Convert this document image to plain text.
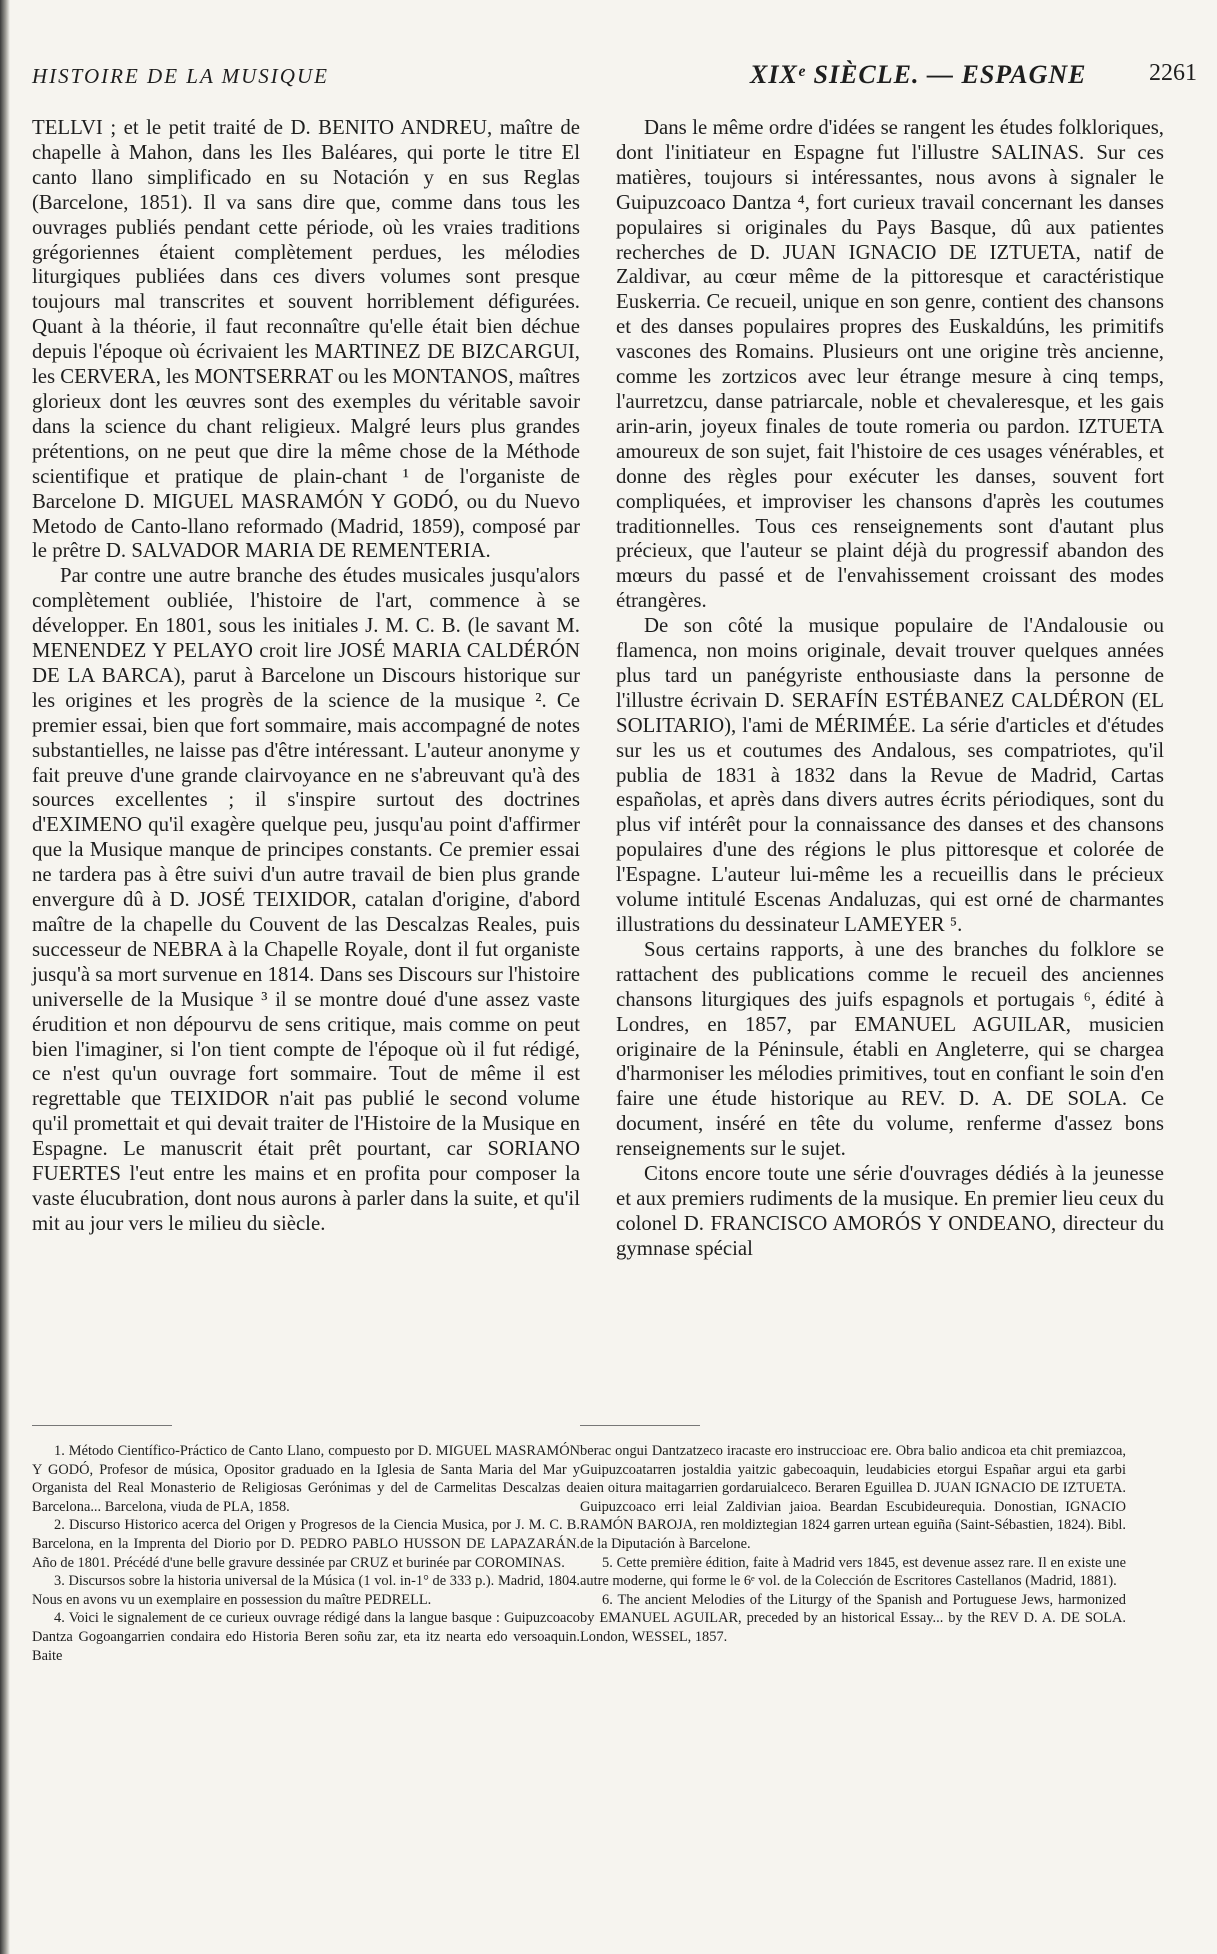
HISTOIRE DE LA MUSIQUE	XIXᵉ SIÈCLE. — ESPAGNE	2261

TELLVI ; et le petit traité de D. BENITO ANDREU, maître de chapelle à Mahon, dans les Iles Baléares, qui porte le titre El canto llano simplificado en su Notación y en sus Reglas (Barcelone, 1851). Il va sans dire que, comme dans tous les ouvrages publiés pendant cette période, où les vraies traditions grégoriennes étaient complètement perdues, les mélodies liturgiques publiées dans ces divers volumes sont presque toujours mal transcrites et souvent horriblement défigurées. Quant à la théorie, il faut reconnaître qu'elle était bien déchue depuis l'époque où écrivaient les MARTINEZ DE BIZCARGUI, les CERVERA, les MONTSERRAT ou les MONTANOS, maîtres glorieux dont les œuvres sont des exemples du véritable savoir dans la science du chant religieux. Malgré leurs plus grandes prétentions, on ne peut que dire la même chose de la Méthode scientifique et pratique de plain-chant ¹ de l'organiste de Barcelone D. MIGUEL MASRAMÓN Y GODÓ, ou du Nuevo Metodo de Canto-llano reformado (Madrid, 1859), composé par le prêtre D. SALVADOR MARIA DE REMENTERIA.

Par contre une autre branche des études musicales jusqu'alors complètement oubliée, l'histoire de l'art, commence à se développer. En 1801, sous les initiales J. M. C. B. (le savant M. MENENDEZ Y PELAYO croit lire JOSÉ MARIA CALDÉRÓN DE LA BARCA), parut à Barcelone un Discours historique sur les origines et les progrès de la science de la musique ². Ce premier essai, bien que fort sommaire, mais accompagné de notes substantielles, ne laisse pas d'être intéressant. L'auteur anonyme y fait preuve d'une grande clairvoyance en ne s'abreuvant qu'à des sources excellentes ; il s'inspire surtout des doctrines d'EXIMENO qu'il exagère quelque peu, jusqu'au point d'affirmer que la Musique manque de principes constants. Ce premier essai ne tardera pas à être suivi d'un autre travail de bien plus grande envergure dû à D. JOSÉ TEIXIDOR, catalan d'origine, d'abord maître de la chapelle du Couvent de las Descalzas Reales, puis successeur de NEBRA à la Chapelle Royale, dont il fut organiste jusqu'à sa mort survenue en 1814. Dans ses Discours sur l'histoire universelle de la Musique ³ il se montre doué d'une assez vaste érudition et non dépourvu de sens critique, mais comme on peut bien l'imaginer, si l'on tient compte de l'époque où il fut rédigé, ce n'est qu'un ouvrage fort sommaire. Tout de même il est regrettable que TEIXIDOR n'ait pas publié le second volume qu'il promettait et qui devait traiter de l'Histoire de la Musique en Espagne. Le manuscrit était prêt pourtant, car SORIANO FUERTES l'eut entre les mains et en profita pour composer la vaste élucubration, dont nous aurons à parler dans la suite, et qu'il mit au jour vers le milieu du siècle.

Dans le même ordre d'idées se rangent les études folkloriques, dont l'initiateur en Espagne fut l'illustre SALINAS. Sur ces matières, toujours si intéressantes, nous avons à signaler le Guipuzcoaco Dantza ⁴, fort curieux travail concernant les danses populaires si originales du Pays Basque, dû aux patientes recherches de D. JUAN IGNACIO DE IZTUETA, natif de Zaldivar, au cœur même de la pittoresque et caractéristique Euskerria. Ce recueil, unique en son genre, contient des chansons et des danses populaires propres des Euskaldúns, les primitifs vascones des Romains. Plusieurs ont une origine très ancienne, comme les zortzicos avec leur étrange mesure à cinq temps, l'aurretzcu, danse patriarcale, noble et chevaleresque, et les gais arin-arin, joyeux finales de toute romeria ou pardon. IZTUETA amoureux de son sujet, fait l'histoire de ces usages vénérables, et donne des règles pour exécuter les danses, souvent fort compliquées, et improviser les chansons d'après les coutumes traditionnelles. Tous ces renseignements sont d'autant plus précieux, que l'auteur se plaint déjà du progressif abandon des mœurs du passé et de l'envahissement croissant des modes étrangères.

De son côté la musique populaire de l'Andalousie ou flamenca, non moins originale, devait trouver quelques années plus tard un panégyriste enthousiaste dans la personne de l'illustre écrivain D. SERAFÍN ESTÉBANEZ CALDÉRON (EL SOLITARIO), l'ami de MÉRIMÉE. La série d'articles et d'études sur les us et coutumes des Andalous, ses compatriotes, qu'il publia de 1831 à 1832 dans la Revue de Madrid, Cartas españolas, et après dans divers autres écrits périodiques, sont du plus vif intérêt pour la connaissance des danses et des chansons populaires d'une des régions le plus pittoresque et colorée de l'Espagne. L'auteur lui-même les a recueillis dans le précieux volume intitulé Escenas Andaluzas, qui est orné de charmantes illustrations du dessinateur LAMEYER ⁵.

Sous certains rapports, à une des branches du folklore se rattachent des publications comme le recueil des anciennes chansons liturgiques des juifs espagnols et portugais ⁶, édité à Londres, en 1857, par EMANUEL AGUILAR, musicien originaire de la Péninsule, établi en Angleterre, qui se chargea d'harmoniser les mélodies primitives, tout en confiant le soin d'en faire une étude historique au REV. D. A. DE SOLA. Ce document, inséré en tête du volume, renferme d'assez bons renseignements sur le sujet.

Citons encore toute une série d'ouvrages dédiés à la jeunesse et aux premiers rudiments de la musique. En premier lieu ceux du colonel D. FRANCISCO AMORÓS Y ONDEANO, directeur du gymnase spécial

1. Método Científico-Práctico de Canto Llano, compuesto por D. MIGUEL MASRAMÓN Y GODÓ, Profesor de música, Opositor graduado en la Iglesia de Santa Maria del Mar y Organista del Real Monasterio de Religiosas Gerónimas y del de Carmelitas Descalzas de Barcelona... Barcelona, viuda de PLA, 1858.

2. Discurso Historico acerca del Origen y Progresos de la Ciencia Musica, por J. M. C. B. Barcelona, en la Imprenta del Diorio por D. PEDRO PABLO HUSSON DE LAPAZARÁN. Año de 1801. Précédé d'une belle gravure dessinée par CRUZ et burinée par COROMINAS.

3. Discursos sobre la historia universal de la Música (1 vol. in-1° de 333 p.). Madrid, 1804. Nous en avons vu un exemplaire en possession du maître PEDRELL.

4. Voici le signalement de ce curieux ouvrage rédigé dans la langue basque : Guipuzcoaco Dantza Gogoangarrien condaira edo Historia Beren soñu zar, eta itz nearta edo versoaquin. Baite

berac ongui Dantzatzeco iracaste ero instruccioac ere. Obra balio andicoa eta chit premiazcoa, Guipuzcoatarren jostaldia yaitzic gabecoaquin, leudabicies etorgui Españar argui eta garbi aien oitura maitagarrien gordaruialceco. Beraren Eguillea D. JUAN IGNACIO DE IZTUETA. Guipuzcoaco erri leial Zaldivian jaioa. Beardan Escubideurequia. Donostian, IGNACIO RAMÓN BAROJA, ren moldiztegian 1824 garren urtean eguiña (Saint-Sébastien, 1824). Bibl. de la Diputación à Barcelone.

5. Cette première édition, faite à Madrid vers 1845, est devenue assez rare. Il en existe une autre moderne, qui forme le 6ᵉ vol. de la Colección de Escritores Castellanos (Madrid, 1881).

6. The ancient Melodies of the Liturgy of the Spanish and Portuguese Jews, harmonized by EMANUEL AGUILAR, preceded by an historical Essay... by the REV D. A. DE SOLA. London, WESSEL, 1857.
